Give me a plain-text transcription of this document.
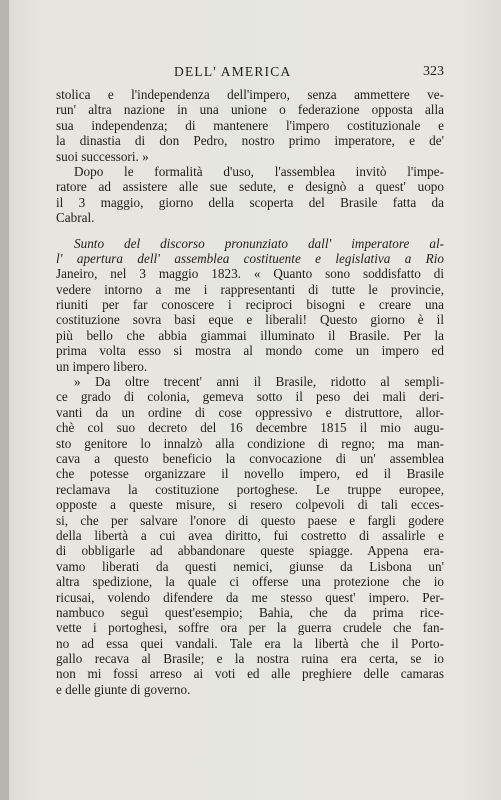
DELL' AMERICA	323
stolica e l'independenza dell'impero, senza ammettere ve-
run' altra nazione in una unione o federazione opposta alla
sua independenza; di mantenere l'impero costituzionale e
la dinastia di don Pedro, nostro primo imperatore, e de'
suoi successori. »
Dopo le formalità d'uso, l'assemblea invitò l'impe-
ratore ad assistere alle sue sedute, e designò a quest' uopo
il 3 maggio, giorno della scoperta del Brasile fatta da
Cabral.
Sunto del discorso pronunziato dall' imperatore al-
l' apertura dell' assemblea costituente e legislativa a Rio
Janeiro, nel 3 maggio 1823. « Quanto sono soddisfatto di
vedere intorno a me i rappresentanti di tutte le provincie,
riuniti per far conoscere i reciproci bisogni e creare una
costituzione sovra basi eque e liberali! Questo giorno è il
più bello che abbia giammai illuminato il Brasile. Per la
prima volta esso si mostra al mondo come un impero ed
un impero libero.
» Da oltre trecent' anni il Brasile, ridotto al sempli-
ce grado di colonia, gemeva sotto il peso dei mali deri-
vanti da un ordine di cose oppressivo e distruttore, allor-
chè col suo decreto del 16 decembre 1815 il mio augu-
sto genitore lo innalzò alla condizione di regno; ma man-
cava a questo beneficio la convocazione di un' assemblea
che potesse organizzare il novello impero, ed il Brasile
reclamava la costituzione portoghese. Le truppe europee,
opposte a queste misure, si resero colpevoli di tali ecces-
si, che per salvare l'onore di questo paese e fargli godere
della libertà a cui avea diritto, fui costretto di assalirle e
di obbligarle ad abbandonare queste spiagge. Appena era-
vamo liberati da questi nemici, giunse da Lisbona un'
altra spedizione, la quale ci offerse una protezione che io
ricusai, volendo difendere da me stesso quest' impero. Per-
nambuco seguì quest'esempio; Bahia, che da prima rice-
vette i portoghesi, soffre ora per la guerra crudele che fan-
no ad essa quei vandali. Tale era la libertà che il Porto-
gallo recava al Brasile; e la nostra ruina era certa, se io
non mi fossi arreso ai voti ed alle preghiere delle camaras
e delle giunte di governo.
